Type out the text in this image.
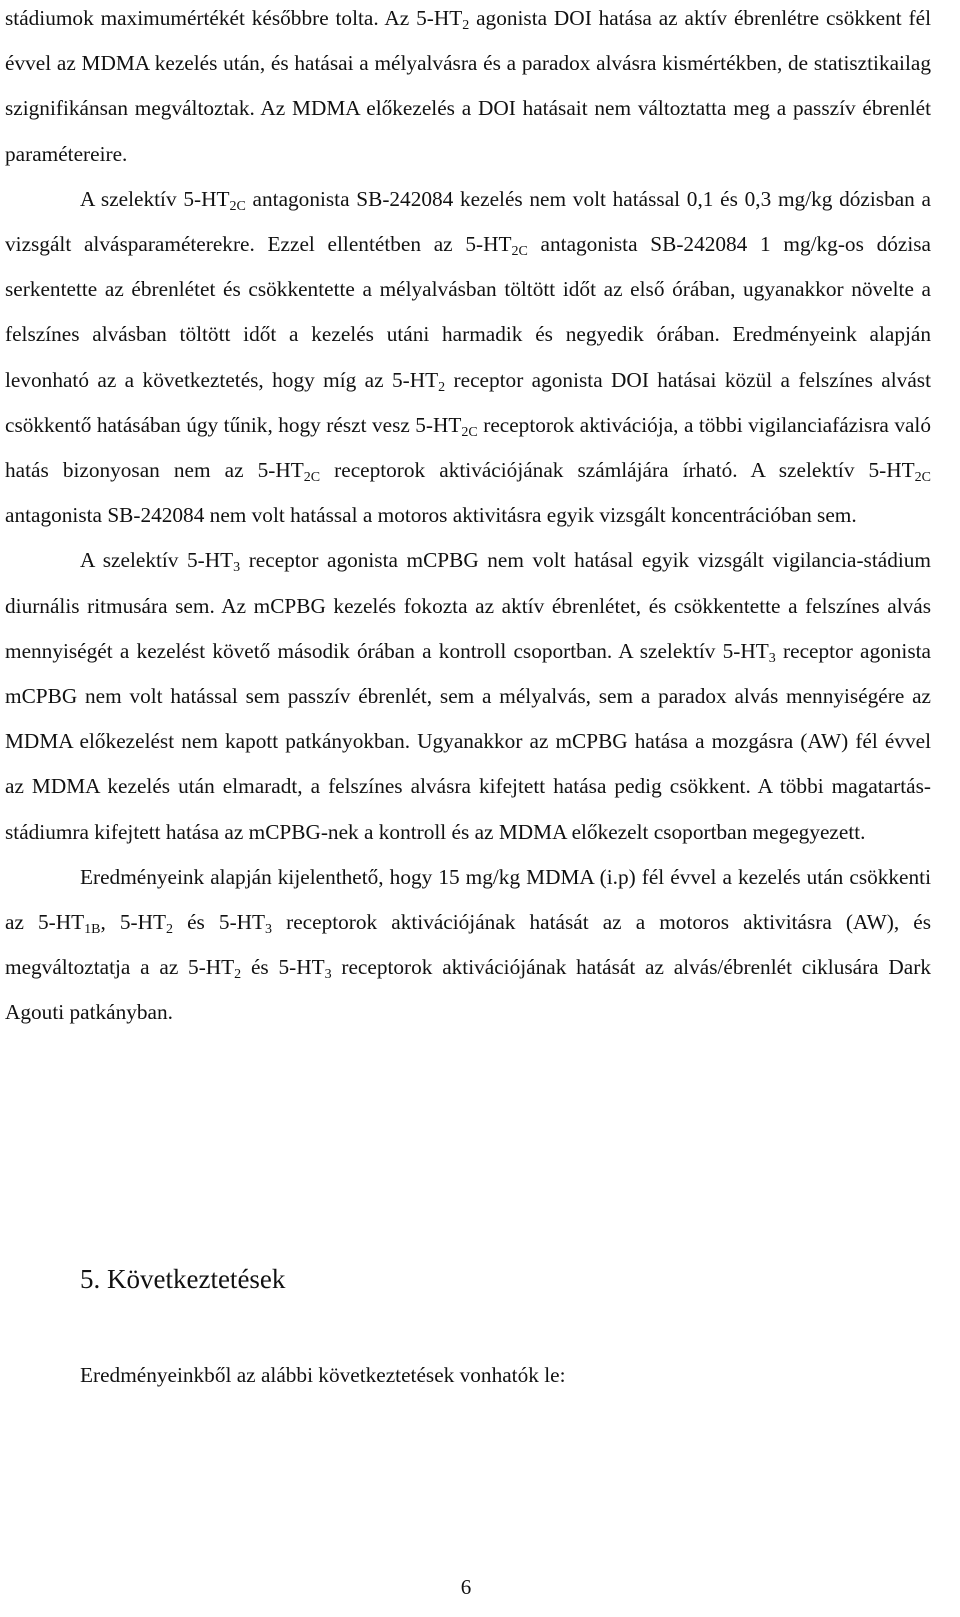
stádiumok maximumértékét későbbre tolta. Az $5-HT_2$ agonista DOI hatása az aktív ébrenlétre csökkent fél évvel az MDMA kezelés után, és hatásai a mélyalvásra és a paradox alvásra kismértékben, de statisztikailag szignifikánsan megváltoztak. Az MDMA előkezelés a DOI hatásait nem változtatta meg a passzív ébrenlét paramétereire.

A szelektív $5-HT_{2C}$ antagonista SB-242084 kezelés nem volt hatással 0,1 és 0,3 mg/kg dózisban a vizsgált alvásparaméterekre. Ezzel ellentétben az $5-HT_{2C}$ antagonista SB-242084 1 mg/kg-os dózisa serkentette az ébrenlétet és csökkentette a mélyalvásban töltött időt az első órában, ugyanakkor növelte a felszínes alvásban töltött időt a kezelés utáni harmadik és negyedik órában. Eredményeink alapján levonható az a következtetés, hogy míg az $5-HT_2$ receptor agonista DOI hatásai közül a felszínes alvást csökkentő hatásában úgy tűnik, hogy részt vesz $5-HT_{2C}$ receptorok aktivációja, a többi vigilanciafázisra való hatás bizonyosan nem az $5-HT_{2C}$ receptorok aktivációjának számlájára írható. A szelektív $5-HT_{2C}$ antagonista SB-242084 nem volt hatással a motoros aktivitásra egyik vizsgált koncentrációban sem.

A szelektív $5-HT_3$ receptor agonista mCPBG nem volt hatásal egyik vizsgált vigilancia-stádium diurnális ritmusára sem. Az mCPBG kezelés fokozta az aktív ébrenlétet, és csökkentette a felszínes alvás mennyiségét a kezelést követő második órában a kontroll csoportban. A szelektív $5-HT_3$ receptor agonista mCPBG nem volt hatással sem passzív ébrenlét, sem a mélyalvás, sem a paradox alvás mennyiségére az MDMA előkezelést nem kapott patkányokban. Ugyanakkor az mCPBG hatása a mozgásra (AW) fél évvel az MDMA kezelés után elmaradt, a felszínes alvásra kifejtett hatása pedig csökkent. A többi magatartás-stádiumra kifejtett hatása az mCPBG-nek a kontroll és az MDMA előkezelt csoportban megegyezett.

Eredményeink alapján kijelenthető, hogy 15 mg/kg MDMA (i.p) fél évvel a kezelés után csökkenti az $5-HT_{1B}$, $5-HT_2$ és $5-HT_3$ receptorok aktivációjának hatását az a motoros aktivitásra (AW), és megváltoztatja a az $5-HT_2$ és $5-HT_3$ receptorok aktivációjának hatását az alvás/ébrenlét ciklusára Dark Agouti patkányban.

5. Következtetések

Eredményeinkből az alábbi következtetések vonhatók le:

6
